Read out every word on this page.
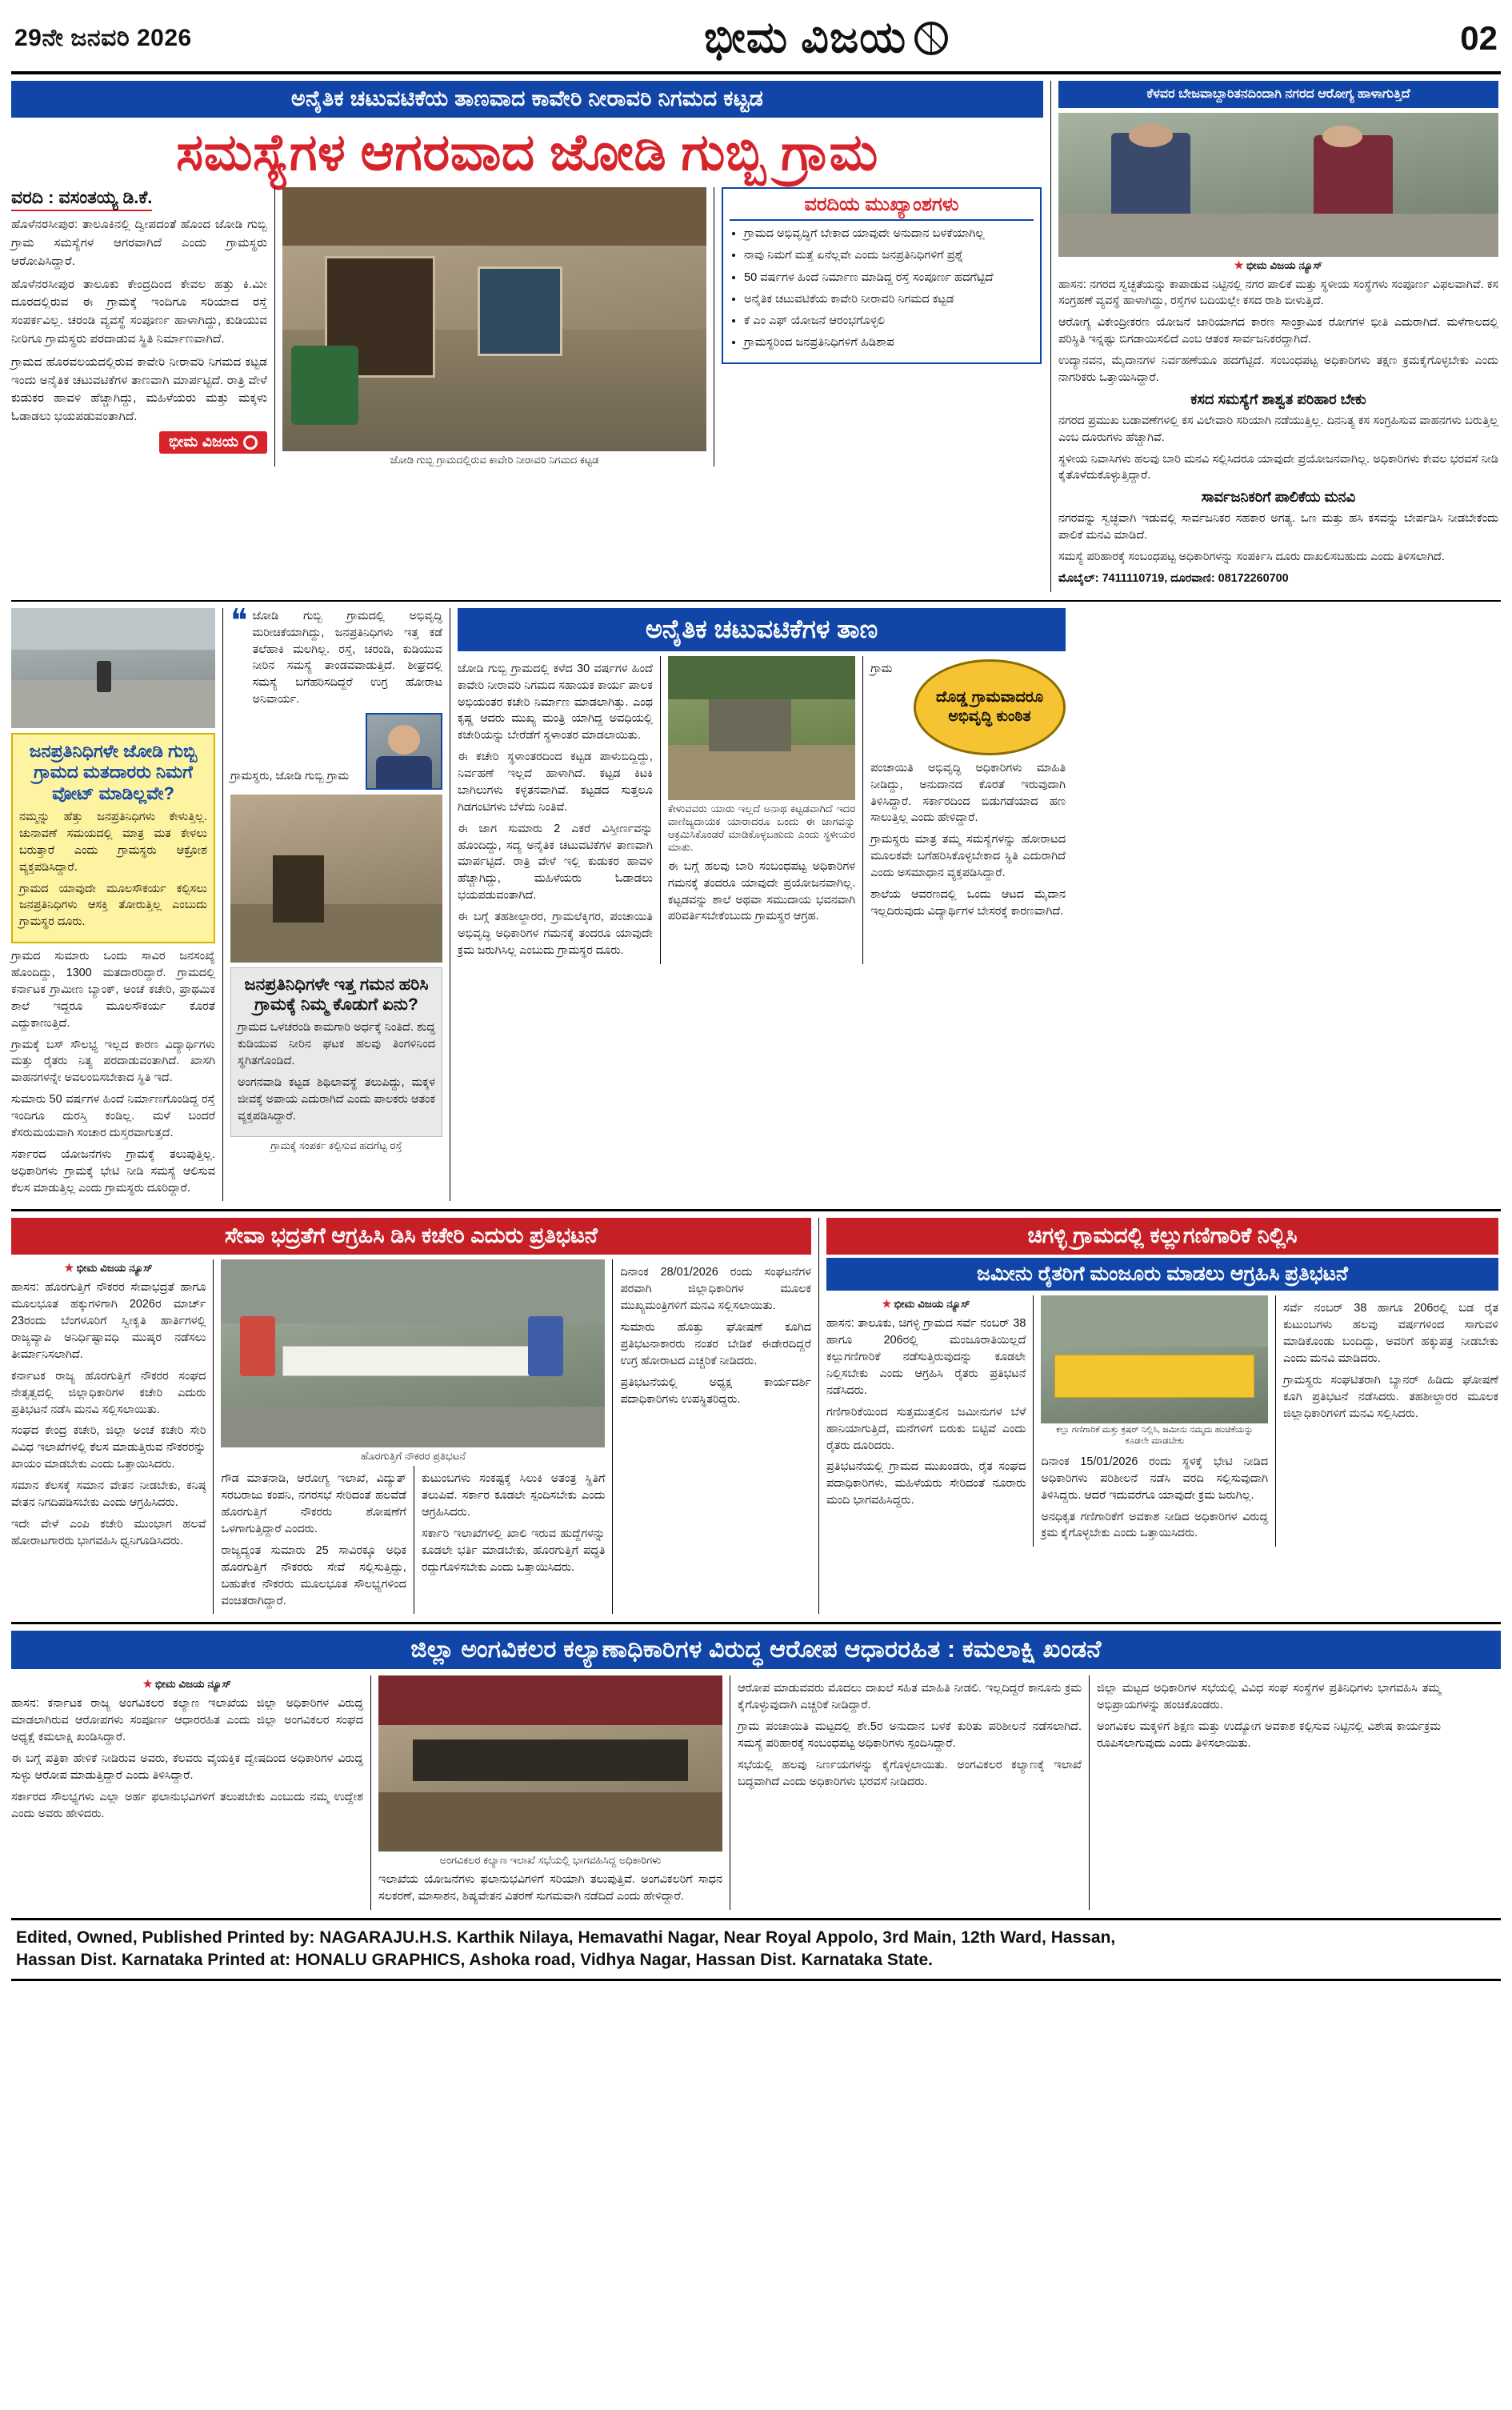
29ನೇ ಜನವರಿ 2026	ಭೀಮ ವಿಜಯ	02
ಅನೈತಿಕ ಚಟುವಟಿಕೆಯ ತಾಣವಾದ ಕಾವೇರಿ ನೀರಾವರಿ ನಿಗಮದ ಕಟ್ಟಡ
ಸಮಸ್ಯೆಗಳ ಆಗರವಾದ ಜೋಡಿ ಗುಬ್ಬಿ ಗ್ರಾಮ
ವರದಿ : ವಸಂತಯ್ಯ ಡಿ.ಕೆ.

ಹೊಳೆನರಸೀಪುರ: ತಾಲೂಕಿನಲ್ಲಿ ದ್ವೀಪದಂತೆ ಹೊಂದ ಜೋಡಿ ಗುಬ್ಬಿ ಗ್ರಾಮ ಸಮಸ್ಯೆಗಳ ಆಗರವಾಗಿದೆ ಎಂದು ಗ್ರಾಮಸ್ಥರು ಆರೋಪಿಸಿದ್ದಾರೆ.

ಹೊಳೆನರಸೀಪುರ ತಾಲೂಕು ಕೇಂದ್ರದಿಂದ ಕೇವಲ ಹತ್ತು ಕಿ.ಮೀ ದೂರದಲ್ಲಿರುವ ಈ ಗ್ರಾಮಕ್ಕೆ ಇಂದಿಗೂ ಸರಿಯಾದ ರಸ್ತೆ ಸಂಪರ್ಕವಿಲ್ಲ. ಚರಂಡಿ ವ್ಯವಸ್ಥೆ ಸಂಪೂರ್ಣ ಹಾಳಾಗಿದ್ದು, ಕುಡಿಯುವ ನೀರಿಗೂ ಗ್ರಾಮಸ್ಥರು ಪರದಾಡುವ ಸ್ಥಿತಿ ನಿರ್ಮಾಣವಾಗಿದೆ.

ಗ್ರಾಮದ ಹೊರವಲಯದಲ್ಲಿರುವ ಕಾವೇರಿ ನೀರಾವರಿ ನಿಗಮದ ಕಟ್ಟಡ ಇಂದು ಅನೈತಿಕ ಚಟುವಟಿಕೆಗಳ ತಾಣವಾಗಿ ಮಾರ್ಪಟ್ಟಿದೆ. ರಾತ್ರಿ ವೇಳೆ ಕುಡುಕರ ಹಾವಳಿ ಹೆಚ್ಚಾಗಿದ್ದು, ಮಹಿಳೆಯರು ಮತ್ತು ಮಕ್ಕಳು ಓಡಾಡಲು ಭಯಪಡುವಂತಾಗಿದೆ.

ಭೀಮ ವಿಜಯ
ಜೋಡಿ ಗುಬ್ಬಿ ಗ್ರಾಮದಲ್ಲಿರುವ ಕಾವೇರಿ ನೀರಾವರಿ ನಿಗಮದ ಕಟ್ಟಡ
ವರದಿಯ ಮುಖ್ಯಾಂಶಗಳು
• ಗ್ರಾಮದ ಅಭಿವೃದ್ಧಿಗೆ ಬೇಕಾದ ಯಾವುದೇ ಅನುದಾನ ಬಳಕೆಯಾಗಿಲ್ಲ
• ನಾವು ನಿಮಗೆ ಮತ್ತೆ ಏನೆಲ್ಲವೇ ಎಂದು ಜನಪ್ರತಿನಿಧಿಗಳಿಗೆ ಪ್ರಶ್ನೆ
• 50 ವರ್ಷಗಳ ಹಿಂದೆ ನಿರ್ಮಾಣ ಮಾಡಿದ್ದ ರಸ್ತೆ ಸಂಪೂರ್ಣ ಹದಗೆಟ್ಟಿದೆ
• ಅನೈತಿಕ ಚಟುವಟಿಕೆಯ ಕಾವೇರಿ ನೀರಾವರಿ ನಿಗಮದ ಕಟ್ಟಡ
• ಕೆ ಎಂ ಎಫ್ ಯೋಜನೆ ಆರಂಭಗೊಳ್ಳಲಿ
• ಗ್ರಾಮಸ್ಥರಿಂದ ಜನಪ್ರತಿನಿಧಿಗಳಿಗೆ ಹಿಡಿಶಾಪ
ಕೆಳವರ ಬೇಜವಾಬ್ದಾರಿತನದಿಂದಾಗಿ ನಗರದ ಆರೋಗ್ಯ ಹಾಳಾಗುತ್ತಿದೆ
★ ಭೀಮ ವಿಜಯ ನ್ಯೂಸ್

ಹಾಸನ: ನಗರದ ಸ್ವಚ್ಛತೆಯನ್ನು ಕಾಪಾಡುವ ನಿಟ್ಟಿನಲ್ಲಿ ನಗರ ಪಾಲಿಕೆ ಮತ್ತು ಸ್ಥಳೀಯ ಸಂಸ್ಥೆಗಳು ಸಂಪೂರ್ಣ ವಿಫಲವಾಗಿವೆ. ಕಸ ಸಂಗ್ರಹಣೆ ವ್ಯವಸ್ಥೆ ಹಾಳಾಗಿದ್ದು, ರಸ್ತೆಗಳ ಬದಿಯಲ್ಲೇ ಕಸದ ರಾಶಿ ಬೀಳುತ್ತಿದೆ.

ಆರೋಗ್ಯ ವಿಕೇಂದ್ರೀಕರಣ ಯೋಜನೆ ಜಾರಿಯಾಗದ ಕಾರಣ ಸಾಂಕ್ರಾಮಿಕ ರೋಗಗಳ ಭೀತಿ ಎದುರಾಗಿದೆ. ಮಳೆಗಾಲದಲ್ಲಿ ಪರಿಸ್ಥಿತಿ ಇನ್ನಷ್ಟು ಬಿಗಡಾಯಿಸಲಿದೆ ಎಂಬ ಆತಂಕ ಸಾರ್ವಜನಿಕರದ್ದಾಗಿದೆ.

ಉದ್ಯಾನವನ, ಮೈದಾನಗಳ ನಿರ್ವಹಣೆಯೂ ಹದಗೆಟ್ಟಿದೆ. ಸಂಬಂಧಪಟ್ಟ ಅಧಿಕಾರಿಗಳು ತಕ್ಷಣ ಕ್ರಮಕೈಗೊಳ್ಳಬೇಕು ಎಂದು ನಾಗರಿಕರು ಒತ್ತಾಯಿಸಿದ್ದಾರೆ.

ಕಸದ ಸಮಸ್ಯೆಗೆ ಶಾಶ್ವತ ಪರಿಹಾರ ಬೇಕು

ನಗರದ ಪ್ರಮುಖ ಬಡಾವಣೆಗಳಲ್ಲಿ ಕಸ ವಿಲೇವಾರಿ ಸರಿಯಾಗಿ ನಡೆಯುತ್ತಿಲ್ಲ. ದಿನನಿತ್ಯ ಕಸ ಸಂಗ್ರಹಿಸುವ ವಾಹನಗಳು ಬರುತ್ತಿಲ್ಲ ಎಂಬ ದೂರುಗಳು ಹೆಚ್ಚಾಗಿವೆ.

ಸ್ಥಳೀಯ ನಿವಾಸಿಗಳು ಹಲವು ಬಾರಿ ಮನವಿ ಸಲ್ಲಿಸಿದರೂ ಯಾವುದೇ ಪ್ರಯೋಜನವಾಗಿಲ್ಲ. ಅಧಿಕಾರಿಗಳು ಕೇವಲ ಭರವಸೆ ನೀಡಿ ಕೈತೊಳೆದುಕೊಳ್ಳುತ್ತಿದ್ದಾರೆ.

ಸಾರ್ವಜನಿಕರಿಗೆ ಪಾಲಿಕೆಯ ಮನವಿ

ನಗರವನ್ನು ಸ್ವಚ್ಛವಾಗಿ ಇಡುವಲ್ಲಿ ಸಾರ್ವಜನಿಕರ ಸಹಕಾರ ಅಗತ್ಯ. ಒಣ ಮತ್ತು ಹಸಿ ಕಸವನ್ನು ಬೇರ್ಪಡಿಸಿ ನೀಡಬೇಕೆಂದು ಪಾಲಿಕೆ ಮನವಿ ಮಾಡಿದೆ.

ಸಮಸ್ಯೆ ಪರಿಹಾರಕ್ಕೆ ಸಂಬಂಧಪಟ್ಟ ಅಧಿಕಾರಿಗಳನ್ನು ಸಂಪರ್ಕಿಸಿ ದೂರು ದಾಖಲಿಸಬಹುದು ಎಂದು ತಿಳಿಸಲಾಗಿದೆ.

ಮೊಬೈಲ್: 7411110719, ದೂರವಾಣಿ: 08172260700

ಜನಪ್ರತಿನಿಧಿಗಳೇ ಜೋಡಿ ಗುಬ್ಬಿ ಗ್ರಾಮದ ಮತದಾರರು ನಿಮಗೆ ವೋಟ್ ಮಾಡಿಲ್ಲವೇ?

ನಮ್ಮನ್ನು ಹೆತ್ತು ಜನಪ್ರತಿನಿಧಿಗಳು ಕೇಳುತ್ತಿಲ್ಲ. ಚುನಾವಣೆ ಸಮಯದಲ್ಲಿ ಮಾತ್ರ ಮತ ಕೇಳಲು ಬರುತ್ತಾರೆ ಎಂದು ಗ್ರಾಮಸ್ಥರು ಆಕ್ರೋಶ ವ್ಯಕ್ತಪಡಿಸಿದ್ದಾರೆ.

ಗ್ರಾಮದ ಯಾವುದೇ ಮೂಲಸೌಕರ್ಯ ಕಲ್ಪಿಸಲು ಜನಪ್ರತಿನಿಧಿಗಳು ಆಸಕ್ತಿ ತೋರುತ್ತಿಲ್ಲ ಎಂಬುದು ಗ್ರಾಮಸ್ಥರ ದೂರು.

ಗ್ರಾಮದ ಸುಮಾರು ಒಂದು ಸಾವಿರ ಜನಸಂಖ್ಯೆ ಹೊಂದಿದ್ದು, 1300 ಮತದಾರರಿದ್ದಾರೆ. ಗ್ರಾಮದಲ್ಲಿ ಕರ್ನಾಟಕ ಗ್ರಾಮೀಣ ಬ್ಯಾಂಕ್, ಅಂಚೆ ಕಚೇರಿ, ಪ್ರಾಥಮಿಕ ಶಾಲೆ ಇದ್ದರೂ ಮೂಲಸೌಕರ್ಯ ಕೊರತೆ ಎದ್ದುಕಾಣುತ್ತಿದೆ.

ಗ್ರಾಮಕ್ಕೆ ಬಸ್ ಸೌಲಭ್ಯ ಇಲ್ಲದ ಕಾರಣ ವಿದ್ಯಾರ್ಥಿಗಳು ಮತ್ತು ರೈತರು ನಿತ್ಯ ಪರದಾಡುವಂತಾಗಿದೆ. ಖಾಸಗಿ ವಾಹನಗಳನ್ನೇ ಅವಲಂಬಿಸಬೇಕಾದ ಸ್ಥಿತಿ ಇದೆ.

ಸುಮಾರು 50 ವರ್ಷಗಳ ಹಿಂದೆ ನಿರ್ಮಾಣಗೊಂಡಿದ್ದ ರಸ್ತೆ ಇಂದಿಗೂ ದುರಸ್ತಿ ಕಂಡಿಲ್ಲ. ಮಳೆ ಬಂದರೆ ಕೆಸರುಮಯವಾಗಿ ಸಂಚಾರ ದುಸ್ತರವಾಗುತ್ತದೆ.

ಸರ್ಕಾರದ ಯೋಜನೆಗಳು ಗ್ರಾಮಕ್ಕೆ ತಲುಪುತ್ತಿಲ್ಲ. ಅಧಿಕಾರಿಗಳು ಗ್ರಾಮಕ್ಕೆ ಭೇಟಿ ನೀಡಿ ಸಮಸ್ಯೆ ಆಲಿಸುವ ಕೆಲಸ ಮಾಡುತ್ತಿಲ್ಲ ಎಂದು ಗ್ರಾಮಸ್ಥರು ದೂರಿದ್ದಾರೆ.

❝ ಜೋಡಿ ಗುಬ್ಬಿ ಗ್ರಾಮದಲ್ಲಿ ಅಭಿವೃದ್ಧಿ ಮರೀಚಿಕೆಯಾಗಿದ್ದು, ಜನಪ್ರತಿನಿಧಿಗಳು ಇತ್ತ ಕಡೆ ತಲೆಹಾಕಿ ಮಲಗಿಲ್ಲ. ರಸ್ತೆ, ಚರಂಡಿ, ಕುಡಿಯುವ ನೀರಿನ ಸಮಸ್ಯೆ ತಾಂಡವವಾಡುತ್ತಿದೆ. ಶೀಘ್ರದಲ್ಲಿ ಸಮಸ್ಯೆ ಬಗೆಹರಿಸದಿದ್ದರೆ ಉಗ್ರ ಹೋರಾಟ ಅನಿವಾರ್ಯ.

ಗ್ರಾಮಸ್ಥರು, ಜೋಡಿ ಗುಬ್ಬಿ ಗ್ರಾಮ

ಜನಪ್ರತಿನಿಧಿಗಳೇ ಇತ್ತ ಗಮನ ಹರಿಸಿ ಗ್ರಾಮಕ್ಕೆ ನಿಮ್ಮ ಕೊಡುಗೆ ಏನು?

ಗ್ರಾಮದ ಒಳಚರಂಡಿ ಕಾಮಗಾರಿ ಅರ್ಧಕ್ಕೆ ನಿಂತಿದೆ. ಶುದ್ಧ ಕುಡಿಯುವ ನೀರಿನ ಘಟಕ ಹಲವು ತಿಂಗಳಿನಿಂದ ಸ್ಥಗಿತಗೊಂಡಿದೆ.

ಅಂಗನವಾಡಿ ಕಟ್ಟಡ ಶಿಥಿಲಾವಸ್ಥೆ ತಲುಪಿದ್ದು, ಮಕ್ಕಳ ಜೀವಕ್ಕೆ ಅಪಾಯ ಎದುರಾಗಿದೆ ಎಂದು ಪಾಲಕರು ಆತಂಕ ವ್ಯಕ್ತಪಡಿಸಿದ್ದಾರೆ.

ಗ್ರಾಮಕ್ಕೆ ಸಂಪರ್ಕ ಕಲ್ಪಿಸುವ ಹದಗೆಟ್ಟ ರಸ್ತೆ
ಅನೈತಿಕ ಚಟುವಟಿಕೆಗಳ ತಾಣ

ಜೋಡಿ ಗುಬ್ಬಿ ಗ್ರಾಮದಲ್ಲಿ ಕಳೆದ 30 ವರ್ಷಗಳ ಹಿಂದೆ ಕಾವೇರಿ ನೀರಾವರಿ ನಿಗಮದ ಸಹಾಯಕ ಕಾರ್ಯ ಪಾಲಕ ಅಭಿಯಂತರ ಕಚೇರಿ ನಿರ್ಮಾಣ ಮಾಡಲಾಗಿತ್ತು. ಎಂಥ ಕೃಷ್ಣ ಆದರು ಮುಖ್ಯ ಮಂತ್ರಿ ಯಾಗಿದ್ದ ಅವಧಿಯಲ್ಲಿ ಕಚೇರಿಯನ್ನು ಬೇರೆಡೆಗೆ ಸ್ಥಳಾಂತರ ಮಾಡಲಾಯಿತು.

ಈ ಕಚೇರಿ ಸ್ಥಳಾಂತರದಿಂದ ಕಟ್ಟಡ ಪಾಳುಬಿದ್ದಿದ್ದು, ನಿರ್ವಹಣೆ ಇಲ್ಲದೆ ಹಾಳಾಗಿದೆ. ಕಟ್ಟಡ ಕಿಟಕಿ ಬಾಗಿಲುಗಳು ಕಳ್ಳತನವಾಗಿವೆ. ಕಟ್ಟಡದ ಸುತ್ತಲೂ ಗಿಡಗಂಟಿಗಳು ಬೆಳೆದು ನಿಂತಿವೆ.

ಈ ಜಾಗ ಸುಮಾರು 2 ಎಕರೆ ವಿಸ್ತೀರ್ಣವನ್ನು ಹೊಂದಿದ್ದು, ಸದ್ಯ ಅನೈತಿಕ ಚಟುವಟಿಕೆಗಳ ತಾಣವಾಗಿ ಮಾರ್ಪಟ್ಟಿದೆ. ರಾತ್ರಿ ವೇಳೆ ಇಲ್ಲಿ ಕುಡುಕರ ಹಾವಳಿ ಹೆಚ್ಚಾಗಿದ್ದು, ಮಹಿಳೆಯರು ಓಡಾಡಲು ಭಯಪಡುವಂತಾಗಿದೆ.

ಈ ಬಗ್ಗೆ ತಹಶೀಲ್ದಾರರ, ಗ್ರಾಮಲೆಕ್ಕಿಗರ, ಪಂಚಾಯಿತಿ ಅಭಿವೃದ್ಧಿ ಅಧಿಕಾರಿಗಳ ಗಮನಕ್ಕೆ ತಂದರೂ ಯಾವುದೇ ಕ್ರಮ ಜರುಗಿಸಿಲ್ಲ ಎಂಬುದು ಗ್ರಾಮಸ್ಥರ ದೂರು.

ಕೇಳುವವರು ಯಾರು ಇಲ್ಲದೆ ಅನಾಥ ಕಟ್ಟಡವಾಗಿದೆ ಇದರ ವಾಣಿಜ್ಯದಾಯಕ ಯಾರಾದರೂ ಬಂದು ಈ ಜಾಗವನ್ನು ಆಕ್ರಮಿಸಿಕೊಂಡರೆ ಮಾಡಿಕೊಳ್ಳಬಹುದು ಎಂದು ಸ್ಥಳೀಯರ ಮಾತು.

ಈ ಬಗ್ಗೆ ಹಲವು ಬಾರಿ ಸಂಬಂಧಪಟ್ಟ ಅಧಿಕಾರಿಗಳ ಗಮನಕ್ಕೆ ತಂದರೂ ಯಾವುದೇ ಪ್ರಯೋಜನವಾಗಿಲ್ಲ. ಕಟ್ಟಡವನ್ನು ಶಾಲೆ ಅಥವಾ ಸಮುದಾಯ ಭವನವಾಗಿ ಪರಿವರ್ತಿಸಬೇಕೆಂಬುದು ಗ್ರಾಮಸ್ಥರ ಆಗ್ರಹ.

ದೊಡ್ಡ ಗ್ರಾಮವಾದರೂ ಅಭಿವೃದ್ಧಿ ಕುಂಠಿತ

ಗ್ರಾಮ ಪಂಚಾಯಿತಿ ಅಭಿವೃದ್ಧಿ ಅಧಿಕಾರಿಗಳು ಮಾಹಿತಿ ನೀಡಿದ್ದು, ಅನುದಾನದ ಕೊರತೆ ಇರುವುದಾಗಿ ತಿಳಿಸಿದ್ದಾರೆ. ಸರ್ಕಾರದಿಂದ ಬಿಡುಗಡೆಯಾದ ಹಣ ಸಾಲುತ್ತಿಲ್ಲ ಎಂದು ಹೇಳಿದ್ದಾರೆ.

ಗ್ರಾಮಸ್ಥರು ಮಾತ್ರ ತಮ್ಮ ಸಮಸ್ಯೆಗಳನ್ನು ಹೋರಾಟದ ಮೂಲಕವೇ ಬಗೆಹರಿಸಿಕೊಳ್ಳಬೇಕಾದ ಸ್ಥಿತಿ ಎದುರಾಗಿದೆ ಎಂದು ಅಸಮಾಧಾನ ವ್ಯಕ್ತಪಡಿಸಿದ್ದಾರೆ.

ಶಾಲೆಯ ಆವರಣದಲ್ಲಿ ಒಂದು ಆಟದ ಮೈದಾನ ಇಲ್ಲದಿರುವುದು ವಿದ್ಯಾರ್ಥಿಗಳ ಬೇಸರಕ್ಕೆ ಕಾರಣವಾಗಿದೆ.

ಸೇವಾ ಭದ್ರತೆಗೆ ಆಗ್ರಹಿಸಿ ಡಿಸಿ ಕಚೇರಿ ಎದುರು ಪ್ರತಿಭಟನೆ
★ ಭೀಮ ವಿಜಯ ನ್ಯೂಸ್

ಹಾಸನ: ಹೊರಗುತ್ತಿಗೆ ನೌಕರರ ಸೇವಾಭದ್ರತೆ ಹಾಗೂ ಮೂಲಭೂತ ಹಕ್ಕುಗಳಿಗಾಗಿ 2026ರ ಮಾರ್ಚ್ 23ರಂದು ಬೆಂಗಳೂರಿಗೆ ಸ್ವೀಕೃತಿ ಹಾರ್ತಿಗಳಲ್ಲಿ ರಾಜ್ಯವ್ಯಾಪಿ ಅನಿರ್ಧಿಷ್ಟಾವಧಿ ಮುಷ್ಕರ ನಡೆಸಲು ತೀರ್ಮಾನಿಸಲಾಗಿದೆ.

ಕರ್ನಾಟಕ ರಾಜ್ಯ ಹೊರಗುತ್ತಿಗೆ ನೌಕರರ ಸಂಘದ ನೇತೃತ್ವದಲ್ಲಿ ಜಿಲ್ಲಾಧಿಕಾರಿಗಳ ಕಚೇರಿ ಎದುರು ಪ್ರತಿಭಟನೆ ನಡೆಸಿ ಮನವಿ ಸಲ್ಲಿಸಲಾಯಿತು.

ಸಂಘದ ಕೇಂದ್ರ ಕಚೇರಿ, ಜಿಲ್ಲಾ ಅಂಚೆ ಕಚೇರಿ ಸೇರಿ ವಿವಿಧ ಇಲಾಖೆಗಳಲ್ಲಿ ಕೆಲಸ ಮಾಡುತ್ತಿರುವ ನೌಕರರನ್ನು ಖಾಯಂ ಮಾಡಬೇಕು ಎಂದು ಒತ್ತಾಯಿಸಿದರು.

ಸಮಾನ ಕೆಲಸಕ್ಕೆ ಸಮಾನ ವೇತನ ನೀಡಬೇಕು, ಕನಿಷ್ಠ ವೇತನ ನಿಗದಿಪಡಿಸಬೇಕು ಎಂದು ಆಗ್ರಹಿಸಿದರು.

ಇದೇ ವೇಳೆ ಎಂಪಿ ಕಚೇರಿ ಮುಂಭಾಗ ಹಲವೆ ಹೋರಾಟಗಾರರು ಭಾಗವಹಿಸಿ ಧ್ವನಿಗೂಡಿಸಿದರು.

ಹೊರಗುತ್ತಿಗೆ ನೌಕರರ ಪ್ರತಿಭಟನೆ

ಗೌಡ ಮಾತನಾಡಿ, ಆರೋಗ್ಯ ಇಲಾಖೆ, ವಿದ್ಯುತ್ ಸರಬರಾಜು ಕಂಪನಿ, ನಗರಸಭೆ ಸೇರಿದಂತೆ ಹಲವೆಡೆ ಹೊರಗುತ್ತಿಗೆ ನೌಕರರು ಶೋಷಣೆಗೆ ಒಳಗಾಗುತ್ತಿದ್ದಾರೆ ಎಂದರು.

ರಾಜ್ಯದ್ಯಂತ ಸುಮಾರು 25 ಸಾವಿರಕ್ಕೂ ಅಧಿಕ ಹೊರಗುತ್ತಿಗೆ ನೌಕರರು ಸೇವೆ ಸಲ್ಲಿಸುತ್ತಿದ್ದು, ಬಹುತೇಕ ನೌಕರರು ಮೂಲಭೂತ ಸೌಲಭ್ಯಗಳಿಂದ ವಂಚಿತರಾಗಿದ್ದಾರೆ.

ಕುಟುಂಬಗಳು ಸಂಕಷ್ಟಕ್ಕೆ ಸಿಲುಕಿ ಅತಂತ್ರ ಸ್ಥಿತಿಗೆ ತಲುಪಿವೆ. ಸರ್ಕಾರ ಕೂಡಲೇ ಸ್ಪಂದಿಸಬೇಕು ಎಂದು ಆಗ್ರಹಿಸಿದರು.

ಸರ್ಕಾರಿ ಇಲಾಖೆಗಳಲ್ಲಿ ಖಾಲಿ ಇರುವ ಹುದ್ದೆಗಳನ್ನು ಕೂಡಲೇ ಭರ್ತಿ ಮಾಡಬೇಕು, ಹೊರಗುತ್ತಿಗೆ ಪದ್ಧತಿ ರದ್ದುಗೊಳಿಸಬೇಕು ಎಂದು ಒತ್ತಾಯಿಸಿದರು.

ದಿನಾಂಕ 28/01/2026 ರಂದು ಸಂಘಟನೆಗಳ ಪರವಾಗಿ ಜಿಲ್ಲಾಧಿಕಾರಿಗಳ ಮೂಲಕ ಮುಖ್ಯಮಂತ್ರಿಗಳಿಗೆ ಮನವಿ ಸಲ್ಲಿಸಲಾಯಿತು.

ಸುಮಾರು ಹೊತ್ತು ಘೋಷಣೆ ಕೂಗಿದ ಪ್ರತಿಭಟನಾಕಾರರು ನಂತರ ಬೇಡಿಕೆ ಈಡೇರದಿದ್ದರೆ ಉಗ್ರ ಹೋರಾಟದ ಎಚ್ಚರಿಕೆ ನೀಡಿದರು.

ಪ್ರತಿಭಟನೆಯಲ್ಲಿ ಅಧ್ಯಕ್ಷ ಕಾರ್ಯದರ್ಶಿ ಪದಾಧಿಕಾರಿಗಳು ಉಪಸ್ಥಿತರಿದ್ದರು.

ಚಿಗಳ್ಳಿ ಗ್ರಾಮದಲ್ಲಿ ಕಲ್ಲುಗಣಿಗಾರಿಕೆ ನಿಲ್ಲಿಸಿ
ಜಮೀನು ರೈತರಿಗೆ ಮಂಜೂರು ಮಾಡಲು ಆಗ್ರಹಿಸಿ ಪ್ರತಿಭಟನೆ
★ ಭೀಮ ವಿಜಯ ನ್ಯೂಸ್

ಹಾಸನ: ತಾಲೂಕು, ಚಿಗಳ್ಳಿ ಗ್ರಾಮದ ಸರ್ವೆ ನಂಬರ್ 38 ಹಾಗೂ 206ರಲ್ಲಿ ಮಂಜೂರಾತಿಯಿಲ್ಲದೆ ಕಲ್ಲುಗಣಿಗಾರಿಕೆ ನಡೆಸುತ್ತಿರುವುದನ್ನು ಕೂಡಲೇ ನಿಲ್ಲಿಸಬೇಕು ಎಂದು ಆಗ್ರಹಿಸಿ ರೈತರು ಪ್ರತಿಭಟನೆ ನಡೆಸಿದರು.

ಗಣಿಗಾರಿಕೆಯಿಂದ ಸುತ್ತಮುತ್ತಲಿನ ಜಮೀನುಗಳ ಬೆಳೆ ಹಾನಿಯಾಗುತ್ತಿದೆ, ಮನೆಗಳಿಗೆ ಬಿರುಕು ಬಿಟ್ಟಿವೆ ಎಂದು ರೈತರು ದೂರಿದರು.

ಪ್ರತಿಭಟನೆಯಲ್ಲಿ ಗ್ರಾಮದ ಮುಖಂಡರು, ರೈತ ಸಂಘದ ಪದಾಧಿಕಾರಿಗಳು, ಮಹಿಳೆಯರು ಸೇರಿದಂತೆ ನೂರಾರು ಮಂದಿ ಭಾಗವಹಿಸಿದ್ದರು.

ಕಲ್ಲು ಗಣಿಗಾರಿಕೆ ಮತ್ತು ಕ್ರಷರ್ ನಿಲ್ಲಿಸಿ, ಜಮೀನು ನಮ್ಮದು ಹಂಚಿಕೆಯನ್ನು ಕೂಡಲೇ ಮಾಡಬೇಕು

ದಿನಾಂಕ 15/01/2026 ರಂದು ಸ್ಥಳಕ್ಕೆ ಭೇಟಿ ನೀಡಿದ ಅಧಿಕಾರಿಗಳು ಪರಿಶೀಲನೆ ನಡೆಸಿ ವರದಿ ಸಲ್ಲಿಸುವುದಾಗಿ ತಿಳಿಸಿದ್ದರು. ಆದರೆ ಇದುವರೆಗೂ ಯಾವುದೇ ಕ್ರಮ ಜರುಗಿಲ್ಲ.

ಅನಧಿಕೃತ ಗಣಿಗಾರಿಕೆಗೆ ಅವಕಾಶ ನೀಡಿದ ಅಧಿಕಾರಿಗಳ ವಿರುದ್ಧ ಕ್ರಮ ಕೈಗೊಳ್ಳಬೇಕು ಎಂದು ಒತ್ತಾಯಿಸಿದರು.

ಸರ್ವೆ ನಂಬರ್ 38 ಹಾಗೂ 206ರಲ್ಲಿ ಬಡ ರೈತ ಕುಟುಂಬಗಳು ಹಲವು ವರ್ಷಗಳಿಂದ ಸಾಗುವಳಿ ಮಾಡಿಕೊಂಡು ಬಂದಿದ್ದು, ಅವರಿಗೆ ಹಕ್ಕುಪತ್ರ ನೀಡಬೇಕು ಎಂದು ಮನವಿ ಮಾಡಿದರು.

ಗ್ರಾಮಸ್ಥರು ಸಂಘಟಿತರಾಗಿ ಬ್ಯಾನರ್ ಹಿಡಿದು ಘೋಷಣೆ ಕೂಗಿ ಪ್ರತಿಭಟನೆ ನಡೆಸಿದರು. ತಹಶೀಲ್ದಾರರ ಮೂಲಕ ಜಿಲ್ಲಾಧಿಕಾರಿಗಳಿಗೆ ಮನವಿ ಸಲ್ಲಿಸಿದರು.

ಜಿಲ್ಲಾ ಅಂಗವಿಕಲರ ಕಲ್ಯಾಣಾಧಿಕಾರಿಗಳ ವಿರುದ್ಧ ಆರೋಪ ಆಧಾರರಹಿತ : ಕಮಲಾಕ್ಷಿ ಖಂಡನೆ
★ ಭೀಮ ವಿಜಯ ನ್ಯೂಸ್

ಹಾಸನ: ಕರ್ನಾಟಕ ರಾಜ್ಯ ಅಂಗವಿಕಲರ ಕಲ್ಯಾಣ ಇಲಾಖೆಯ ಜಿಲ್ಲಾ ಅಧಿಕಾರಿಗಳ ವಿರುದ್ಧ ಮಾಡಲಾಗಿರುವ ಆರೋಪಗಳು ಸಂಪೂರ್ಣ ಆಧಾರರಹಿತ ಎಂದು ಜಿಲ್ಲಾ ಅಂಗವಿಕಲರ ಸಂಘದ ಅಧ್ಯಕ್ಷೆ ಕಮಲಾಕ್ಷಿ ಖಂಡಿಸಿದ್ದಾರೆ.

ಈ ಬಗ್ಗೆ ಪತ್ರಿಕಾ ಹೇಳಿಕೆ ನೀಡಿರುವ ಅವರು, ಕೆಲವರು ವೈಯಕ್ತಿಕ ದ್ವೇಷದಿಂದ ಅಧಿಕಾರಿಗಳ ವಿರುದ್ಧ ಸುಳ್ಳು ಆರೋಪ ಮಾಡುತ್ತಿದ್ದಾರೆ ಎಂದು ತಿಳಿಸಿದ್ದಾರೆ.

ಸರ್ಕಾರದ ಸೌಲಭ್ಯಗಳು ಎಲ್ಲಾ ಅರ್ಹ ಫಲಾನುಭವಿಗಳಿಗೆ ತಲುಪಬೇಕು ಎಂಬುದು ನಮ್ಮ ಉದ್ದೇಶ ಎಂದು ಅವರು ಹೇಳಿದರು.

ಅಂಗವಿಕಲರ ಕಲ್ಯಾಣ ಇಲಾಖೆ ಸಭೆಯಲ್ಲಿ ಭಾಗವಹಿಸಿದ್ದ ಅಧಿಕಾರಿಗಳು

ಇಲಾಖೆಯ ಯೋಜನೆಗಳು ಫಲಾನುಭವಿಗಳಿಗೆ ಸರಿಯಾಗಿ ತಲುಪುತ್ತಿವೆ. ಅಂಗವಿಕಲರಿಗೆ ಸಾಧನ ಸಲಕರಣೆ, ಮಾಸಾಶನ, ಶಿಷ್ಯವೇತನ ವಿತರಣೆ ಸುಗಮವಾಗಿ ನಡೆದಿದೆ ಎಂದು ಹೇಳಿದ್ದಾರೆ.

ಆರೋಪ ಮಾಡುವವರು ಮೊದಲು ದಾಖಲೆ ಸಹಿತ ಮಾಹಿತಿ ನೀಡಲಿ. ಇಲ್ಲದಿದ್ದರೆ ಕಾನೂನು ಕ್ರಮ ಕೈಗೊಳ್ಳುವುದಾಗಿ ಎಚ್ಚರಿಕೆ ನೀಡಿದ್ದಾರೆ.

ಗ್ರಾಮ ಪಂಚಾಯಿತಿ ಮಟ್ಟದಲ್ಲಿ ಶೇ.5ರ ಅನುದಾನ ಬಳಕೆ ಕುರಿತು ಪರಿಶೀಲನೆ ನಡೆಸಲಾಗಿದೆ. ಸಮಸ್ಯೆ ಪರಿಹಾರಕ್ಕೆ ಸಂಬಂಧಪಟ್ಟ ಅಧಿಕಾರಿಗಳು ಸ್ಪಂದಿಸಿದ್ದಾರೆ.

ಸಭೆಯಲ್ಲಿ ಹಲವು ನಿರ್ಣಯಗಳನ್ನು ಕೈಗೊಳ್ಳಲಾಯಿತು. ಅಂಗವಿಕಲರ ಕಲ್ಯಾಣಕ್ಕೆ ಇಲಾಖೆ ಬದ್ಧವಾಗಿದೆ ಎಂದು ಅಧಿಕಾರಿಗಳು ಭರವಸೆ ನೀಡಿದರು.

ಜಿಲ್ಲಾ ಮಟ್ಟದ ಅಧಿಕಾರಿಗಳ ಸಭೆಯಲ್ಲಿ ವಿವಿಧ ಸಂಘ ಸಂಸ್ಥೆಗಳ ಪ್ರತಿನಿಧಿಗಳು ಭಾಗವಹಿಸಿ ತಮ್ಮ ಅಭಿಪ್ರಾಯಗಳನ್ನು ಹಂಚಿಕೊಂಡರು.

ಅಂಗವಿಕಲ ಮಕ್ಕಳಿಗೆ ಶಿಕ್ಷಣ ಮತ್ತು ಉದ್ಯೋಗ ಅವಕಾಶ ಕಲ್ಪಿಸುವ ನಿಟ್ಟಿನಲ್ಲಿ ವಿಶೇಷ ಕಾರ್ಯಕ್ರಮ ರೂಪಿಸಲಾಗುವುದು ಎಂದು ತಿಳಿಸಲಾಯಿತು.

Edited, Owned, Published Printed by: NAGARAJU.H.S. Karthik Nilaya, Hemavathi Nagar, Near Royal Appolo, 3rd Main, 12th Ward, Hassan,
Hassan Dist. Karnataka Printed at: HONALU GRAPHICS, Ashoka road, Vidhya Nagar, Hassan Dist. Karnataka State.
